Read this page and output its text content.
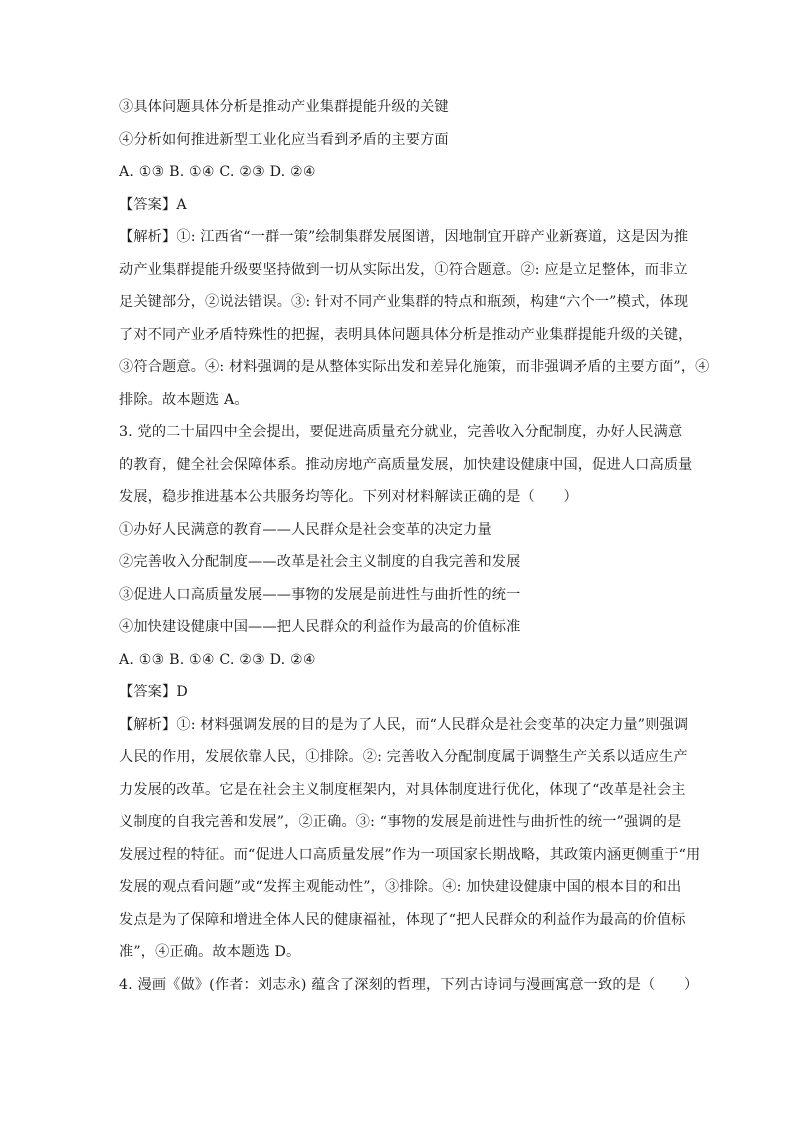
③具体问题具体分析是推动产业集群提能升级的关键
④分析如何推进新型工业化应当看到矛盾的主要方面
A. ①③ B. ①④ C. ②③ D. ②④
【答案】A
【解析】①: 江西省“一群一策”绘制集群发展图谱，因地制宜开辟产业新赛道，这是因为推
动产业集群提能升级要坚持做到一切从实际出发，①符合题意。②: 应是立足整体，而非立
足关键部分，②说法错误。③: 针对不同产业集群的特点和瓶颈，构建“六个一”模式，体现
了对不同产业矛盾特殊性的把握，表明具体问题具体分析是推动产业集群提能升级的关键，
③符合题意。④: 材料强调的是从整体实际出发和差异化施策，而非强调矛盾的主要方面”，④
排除。故本题选 A。
3. 党的二十届四中全会提出，要促进高质量充分就业，完善收入分配制度，办好人民满意
的教育，健全社会保障体系。推动房地产高质量发展，加快建设健康中国，促进人口高质量
发展，稳步推进基本公共服务均等化。下列对材料解读正确的是（　　）
①办好人民满意的教育——人民群众是社会变革的决定力量
②完善收入分配制度——改革是社会主义制度的自我完善和发展
③促进人口高质量发展——事物的发展是前进性与曲折性的统一
④加快建设健康中国——把人民群众的利益作为最高的价值标准
A. ①③ B. ①④ C. ②③ D. ②④
【答案】D
【解析】①: 材料强调发展的目的是为了人民，而“人民群众是社会变革的决定力量”则强调
人民的作用，发展依靠人民，①排除。②: 完善收入分配制度属于调整生产关系以适应生产
力发展的改革。它是在社会主义制度框架内，对具体制度进行优化，体现了“改革是社会主
义制度的自我完善和发展”，②正确。③: “事物的发展是前进性与曲折性的统一”强调的是
发展过程的特征。而“促进人口高质量发展”作为一项国家长期战略，其政策内涵更侧重于“用
发展的观点看问题”或“发挥主观能动性”，③排除。④: 加快建设健康中国的根本目的和出
发点是为了保障和增进全体人民的健康福祉，体现了“把人民群众的利益作为最高的价值标
准”，④正确。故本题选 D。
4. 漫画《做》(作者：刘志永) 蕴含了深刻的哲理，下列古诗词与漫画寓意一致的是（　　）
